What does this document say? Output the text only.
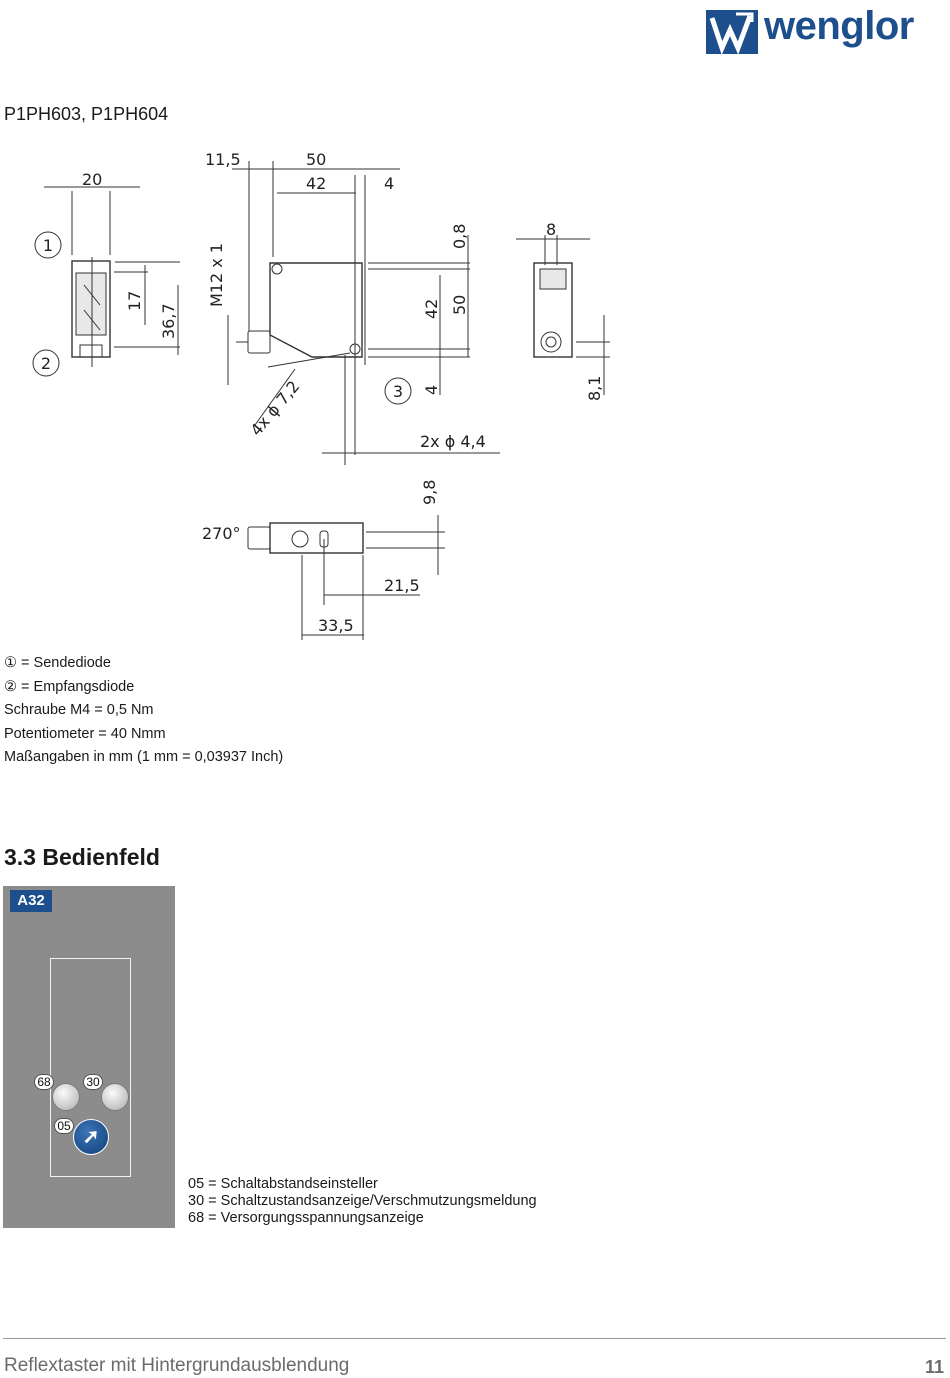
wenglor
P1PH603, P1PH604
20
11,5	50
42	4
8
270°
2x ϕ 4,4
21,5
33,5
17
36,7
M12 x 1
42 50
0,8
4	8,1
9,8
4x ϕ 7,2
1
2
3
① = Sendediode
② = Empfangsdiode
Schraube M4 = 0,5 Nm
Potentiometer = 40 Nmm
Maßangaben in mm (1 mm = 0,03937 Inch)
3.3 Bedienfeld
A32
68	30
➚
05
05 = Schaltabstandseinsteller
30 = Schaltzustandsanzeige/Verschmutzungsmeldung
68 = Versorgungsspannungsanzeige
Reflextaster mit Hintergrundausblendung	11
